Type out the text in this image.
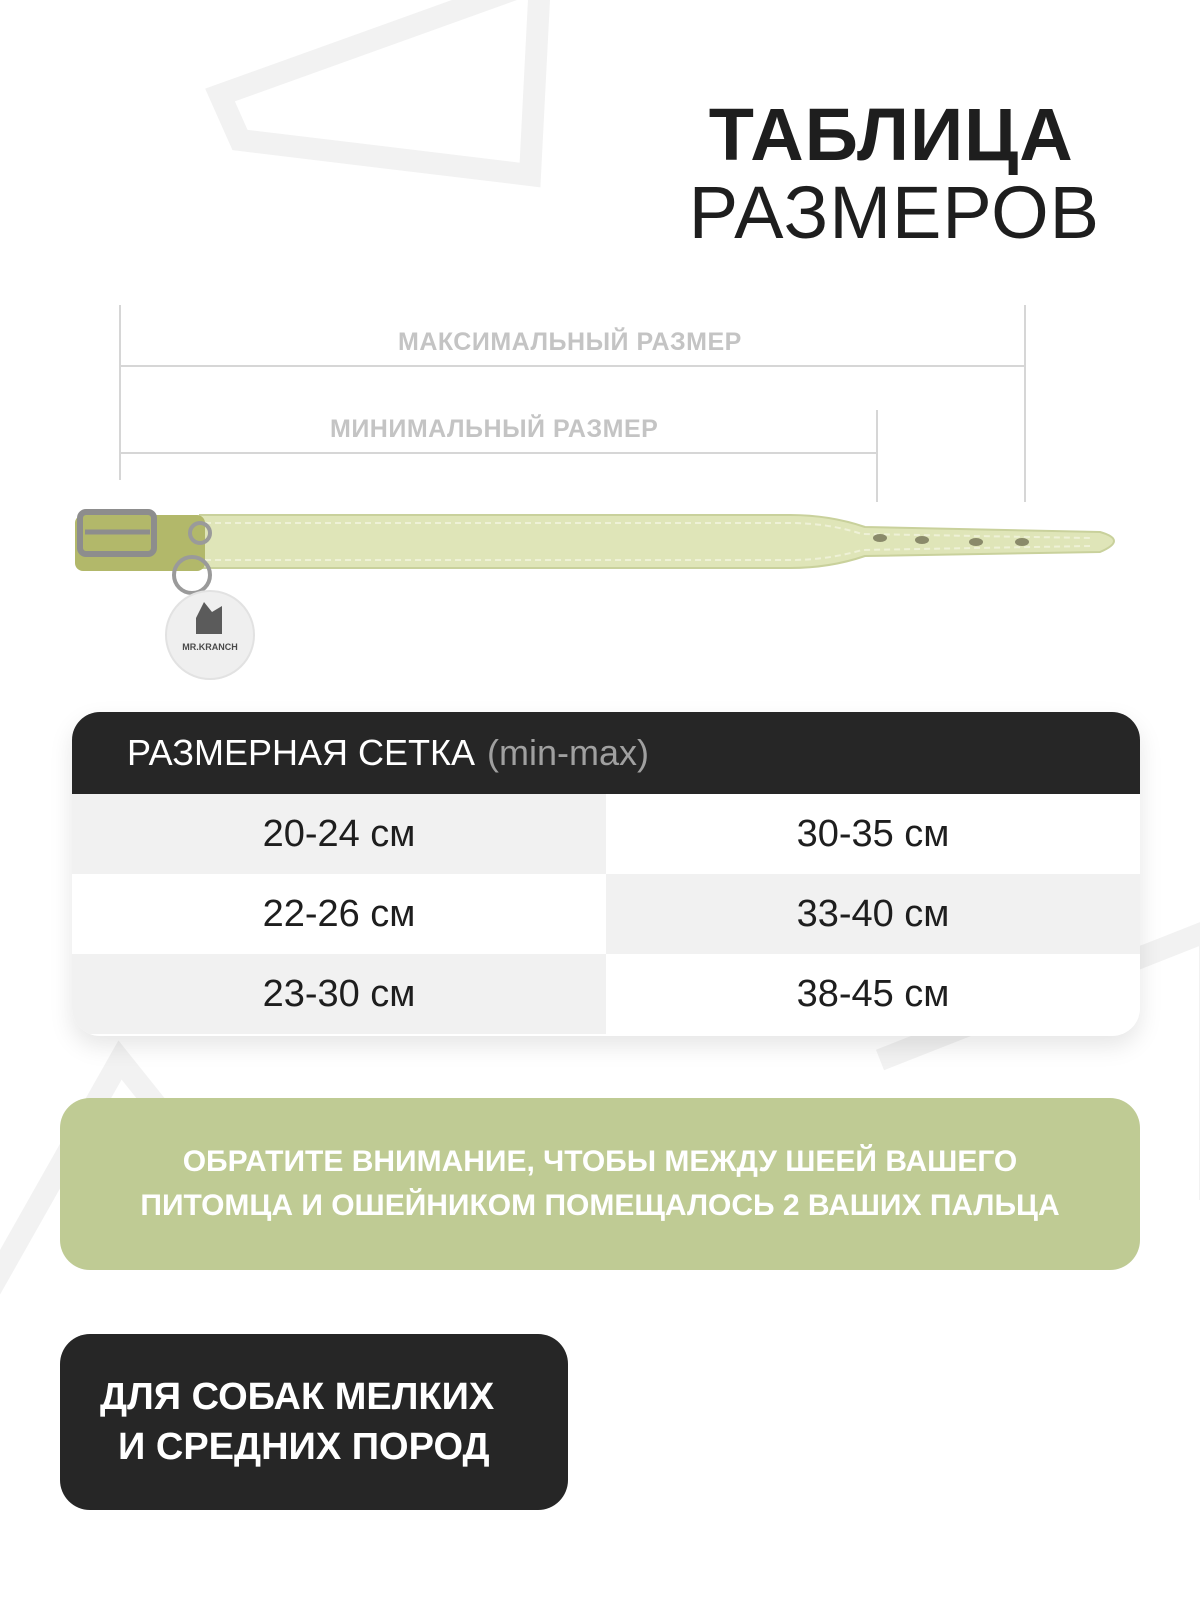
ТАБЛИЦА
РАЗМЕРОВ
МАКСИМАЛЬНЫЙ РАЗМЕР
МИНИМАЛЬНЫЙ РАЗМЕР
MR.KRANCH
РАЗМЕРНАЯ СЕТКА (min-max)
20-24 см	30-35 см
22-26 см	33-40 см
23-30 см	38-45 см
ОБРАТИТЕ ВНИМАНИЕ, ЧТОБЫ МЕЖДУ ШЕЕЙ ВАШЕГО
ПИТОМЦА И ОШЕЙНИКОМ ПОМЕЩАЛОСЬ 2 ВАШИХ ПАЛЬЦА
ДЛЯ СОБАК МЕЛКИХ
И СРЕДНИХ ПОРОД
